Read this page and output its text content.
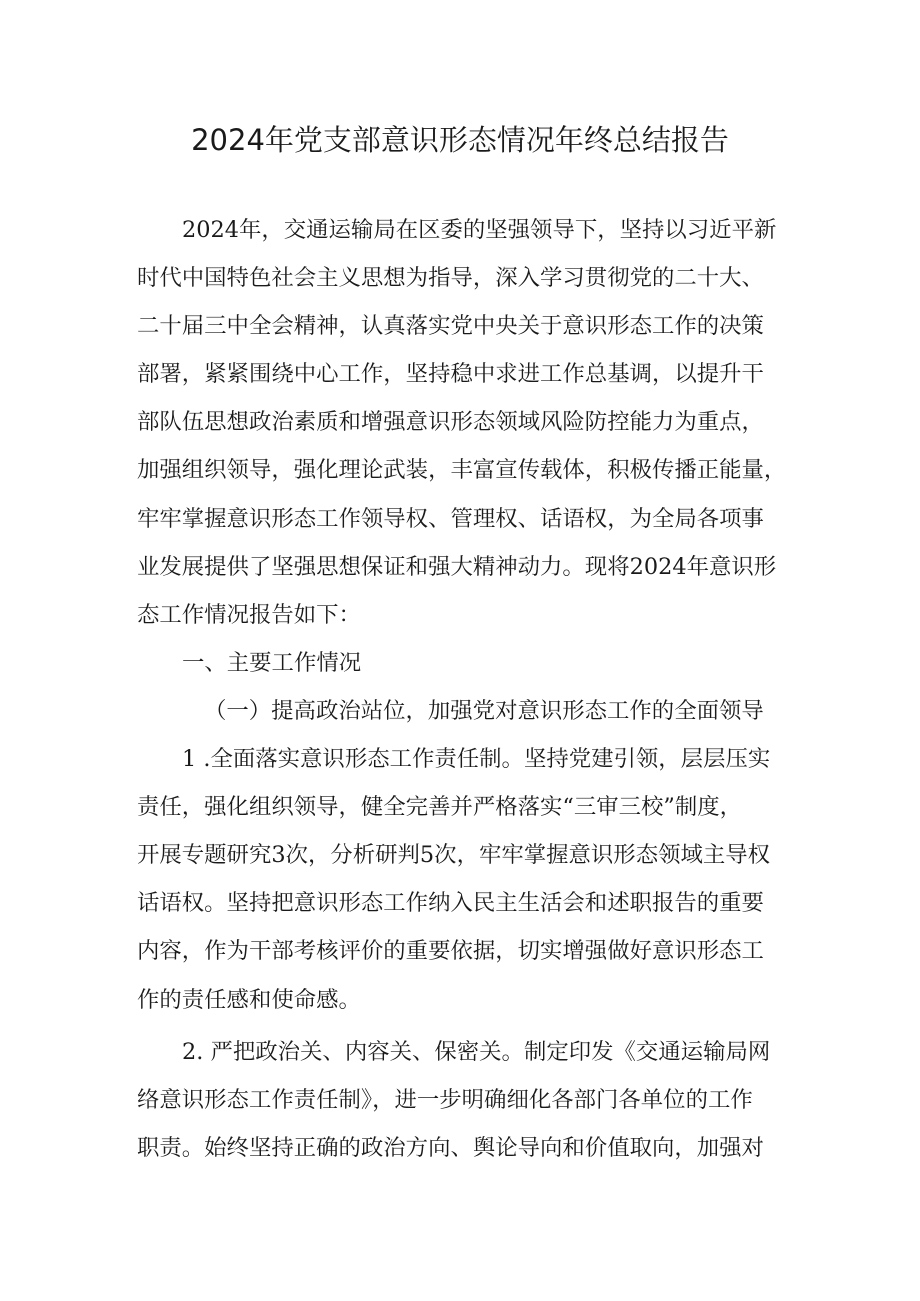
2024年党支部意识形态情况年终总结报告
2024年，交通运输局在区委的坚强领导下，坚持以习近平新
时代中国特色社会主义思想为指导，深入学习贯彻党的二十大、
二十届三中全会精神，认真落实党中央关于意识形态工作的决策
部署，紧紧围绕中心工作，坚持稳中求进工作总基调，以提升干
部队伍思想政治素质和增强意识形态领域风险防控能力为重点，
加强组织领导，强化理论武装，丰富宣传载体，积极传播正能量，
牢牢掌握意识形态工作领导权、管理权、话语权，为全局各项事
业发展提供了坚强思想保证和强大精神动力。现将2024年意识形
态工作情况报告如下：
一、主要工作情况
（一）提高政治站位，加强党对意识形态工作的全面领导
1 .全面落实意识形态工作责任制。坚持党建引领，层层压实
责任，强化组织领导，健全完善并严格落实“三审三校”制度，
开展专题研究3次，分析研判5次，牢牢掌握意识形态领域主导权
话语权。坚持把意识形态工作纳入民主生活会和述职报告的重要
内容，作为干部考核评价的重要依据，切实增强做好意识形态工
作的责任感和使命感。
2. 严把政治关、内容关、保密关。制定印发《交通运输局网
络意识形态工作责任制》，进一步明确细化各部门各单位的工作
职责。始终坚持正确的政治方向、舆论导向和价值取向，加强对
